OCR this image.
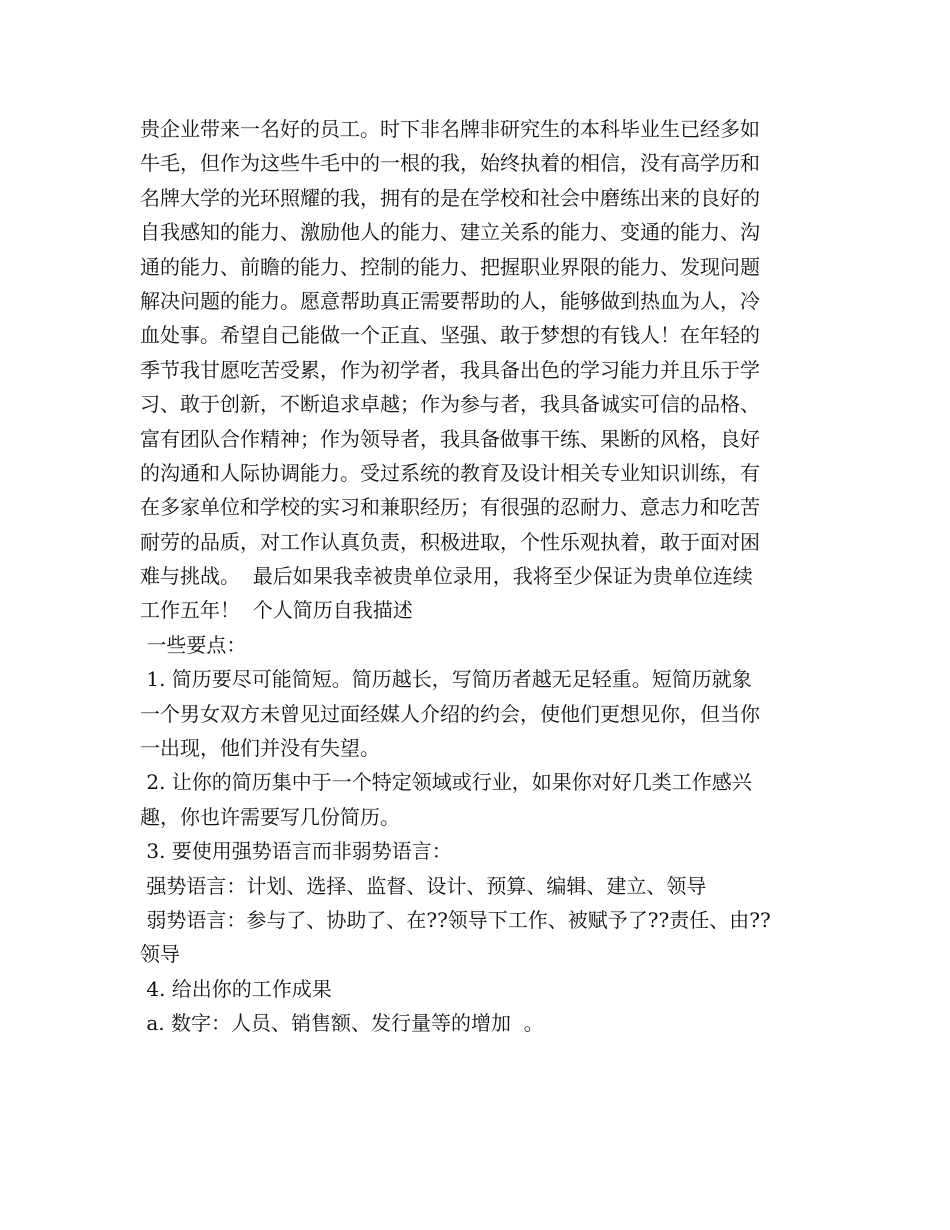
贵企业带来一名好的员工。时下非名牌非研究生的本科毕业生已经多如

牛毛，但作为这些牛毛中的一根的我，始终执着的相信，没有高学历和

名牌大学的光环照耀的我，拥有的是在学校和社会中磨练出来的良好的

自我感知的能力、激励他人的能力、建立关系的能力、变通的能力、沟

通的能力、前瞻的能力、控制的能力、把握职业界限的能力、发现问题

解决问题的能力。愿意帮助真正需要帮助的人，能够做到热血为人，冷

血处事。希望自己能做一个正直、坚强、敢于梦想的有钱人！在年轻的

季节我甘愿吃苦受累，作为初学者，我具备出色的学习能力并且乐于学

习、敢于创新，不断追求卓越；作为参与者，我具备诚实可信的品格、

富有团队合作精神；作为领导者，我具备做事干练、果断的风格，良好

的沟通和人际协调能力。受过系统的教育及设计相关专业知识训练，有

在多家单位和学校的实习和兼职经历；有很强的忍耐力、意志力和吃苦

耐劳的品质，对工作认真负责，积极进取，个性乐观执着，敢于面对困

难与挑战。  最后如果我幸被贵单位录用，我将至少保证为贵单位连续

工作五年！  个人简历自我描述

一些要点：

1. 简历要尽可能简短。简历越长，写简历者越无足轻重。短简历就象

一个男女双方未曾见过面经媒人介绍的约会，使他们更想见你，但当你

一出现，他们并没有失望。

2. 让你的简历集中于一个特定领域或行业，如果你对好几类工作感兴

趣，你也许需要写几份简历。

3. 要使用强势语言而非弱势语言：

强势语言：计划、选择、监督、设计、预算、编辑、建立、领导

弱势语言：参与了、协助了、在??领导下工作、被赋予了??责任、由??

领导

4. 给出你的工作成果

a. 数字：人员、销售额、发行量等的增加  。
